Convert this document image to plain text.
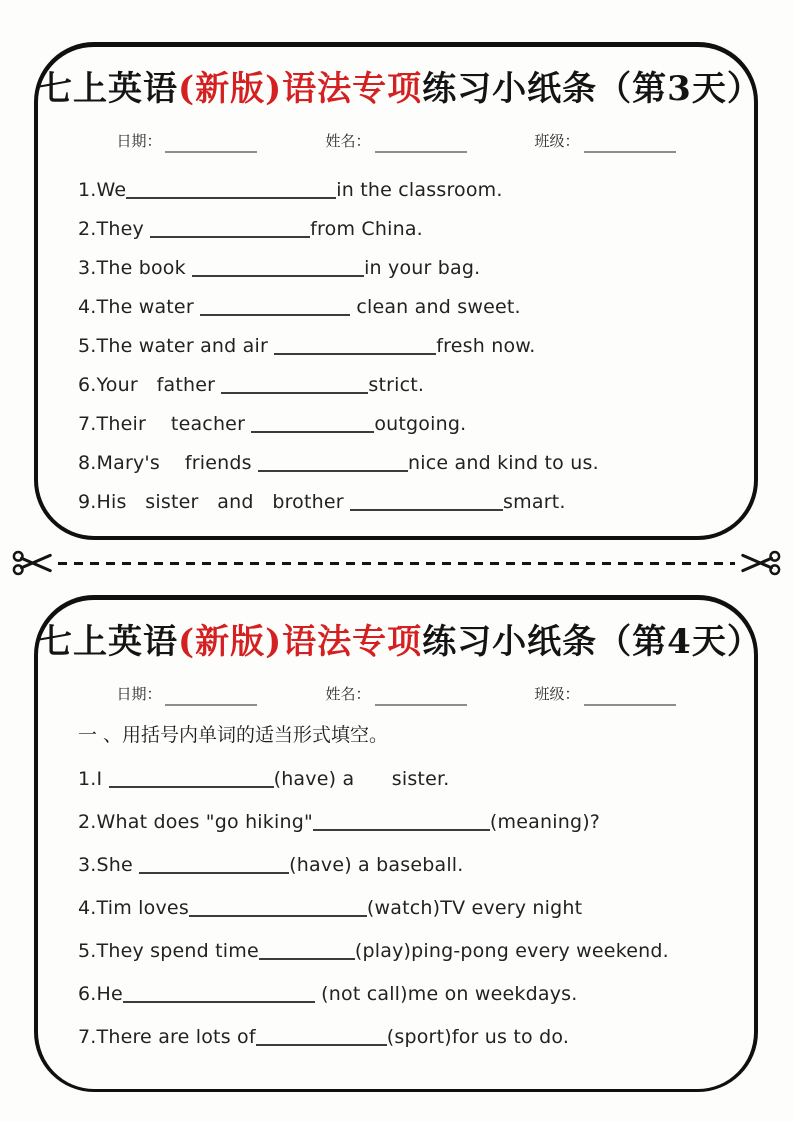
七上英语(新版)语法专项练习小纸条（第3天）
日期：	姓名：	班级：
1.We	in the classroom.
2.They	from China.
3.The book	in your bag.
4.The water	clean and sweet.
5.The water and air	fresh now.
6.Your   father	strict.
7.Their    teacher	outgoing.
8.Mary's    friends	nice and kind to us.
9.His   sister   and   brother	smart.
七上英语(新版)语法专项练习小纸条（第4天）
日期：	姓名：	班级：
一 、用括号内单词的适当形式填空。
1.I	(have) a      sister.
2.What does "go hiking"	(meaning)?
3.She	(have) a baseball.
4.Tim loves	(watch)TV every night
5.They spend time	(play)ping-pong every weekend.
6.He	(not call)me on weekdays.
7.There are lots of	(sport)for us to do.
